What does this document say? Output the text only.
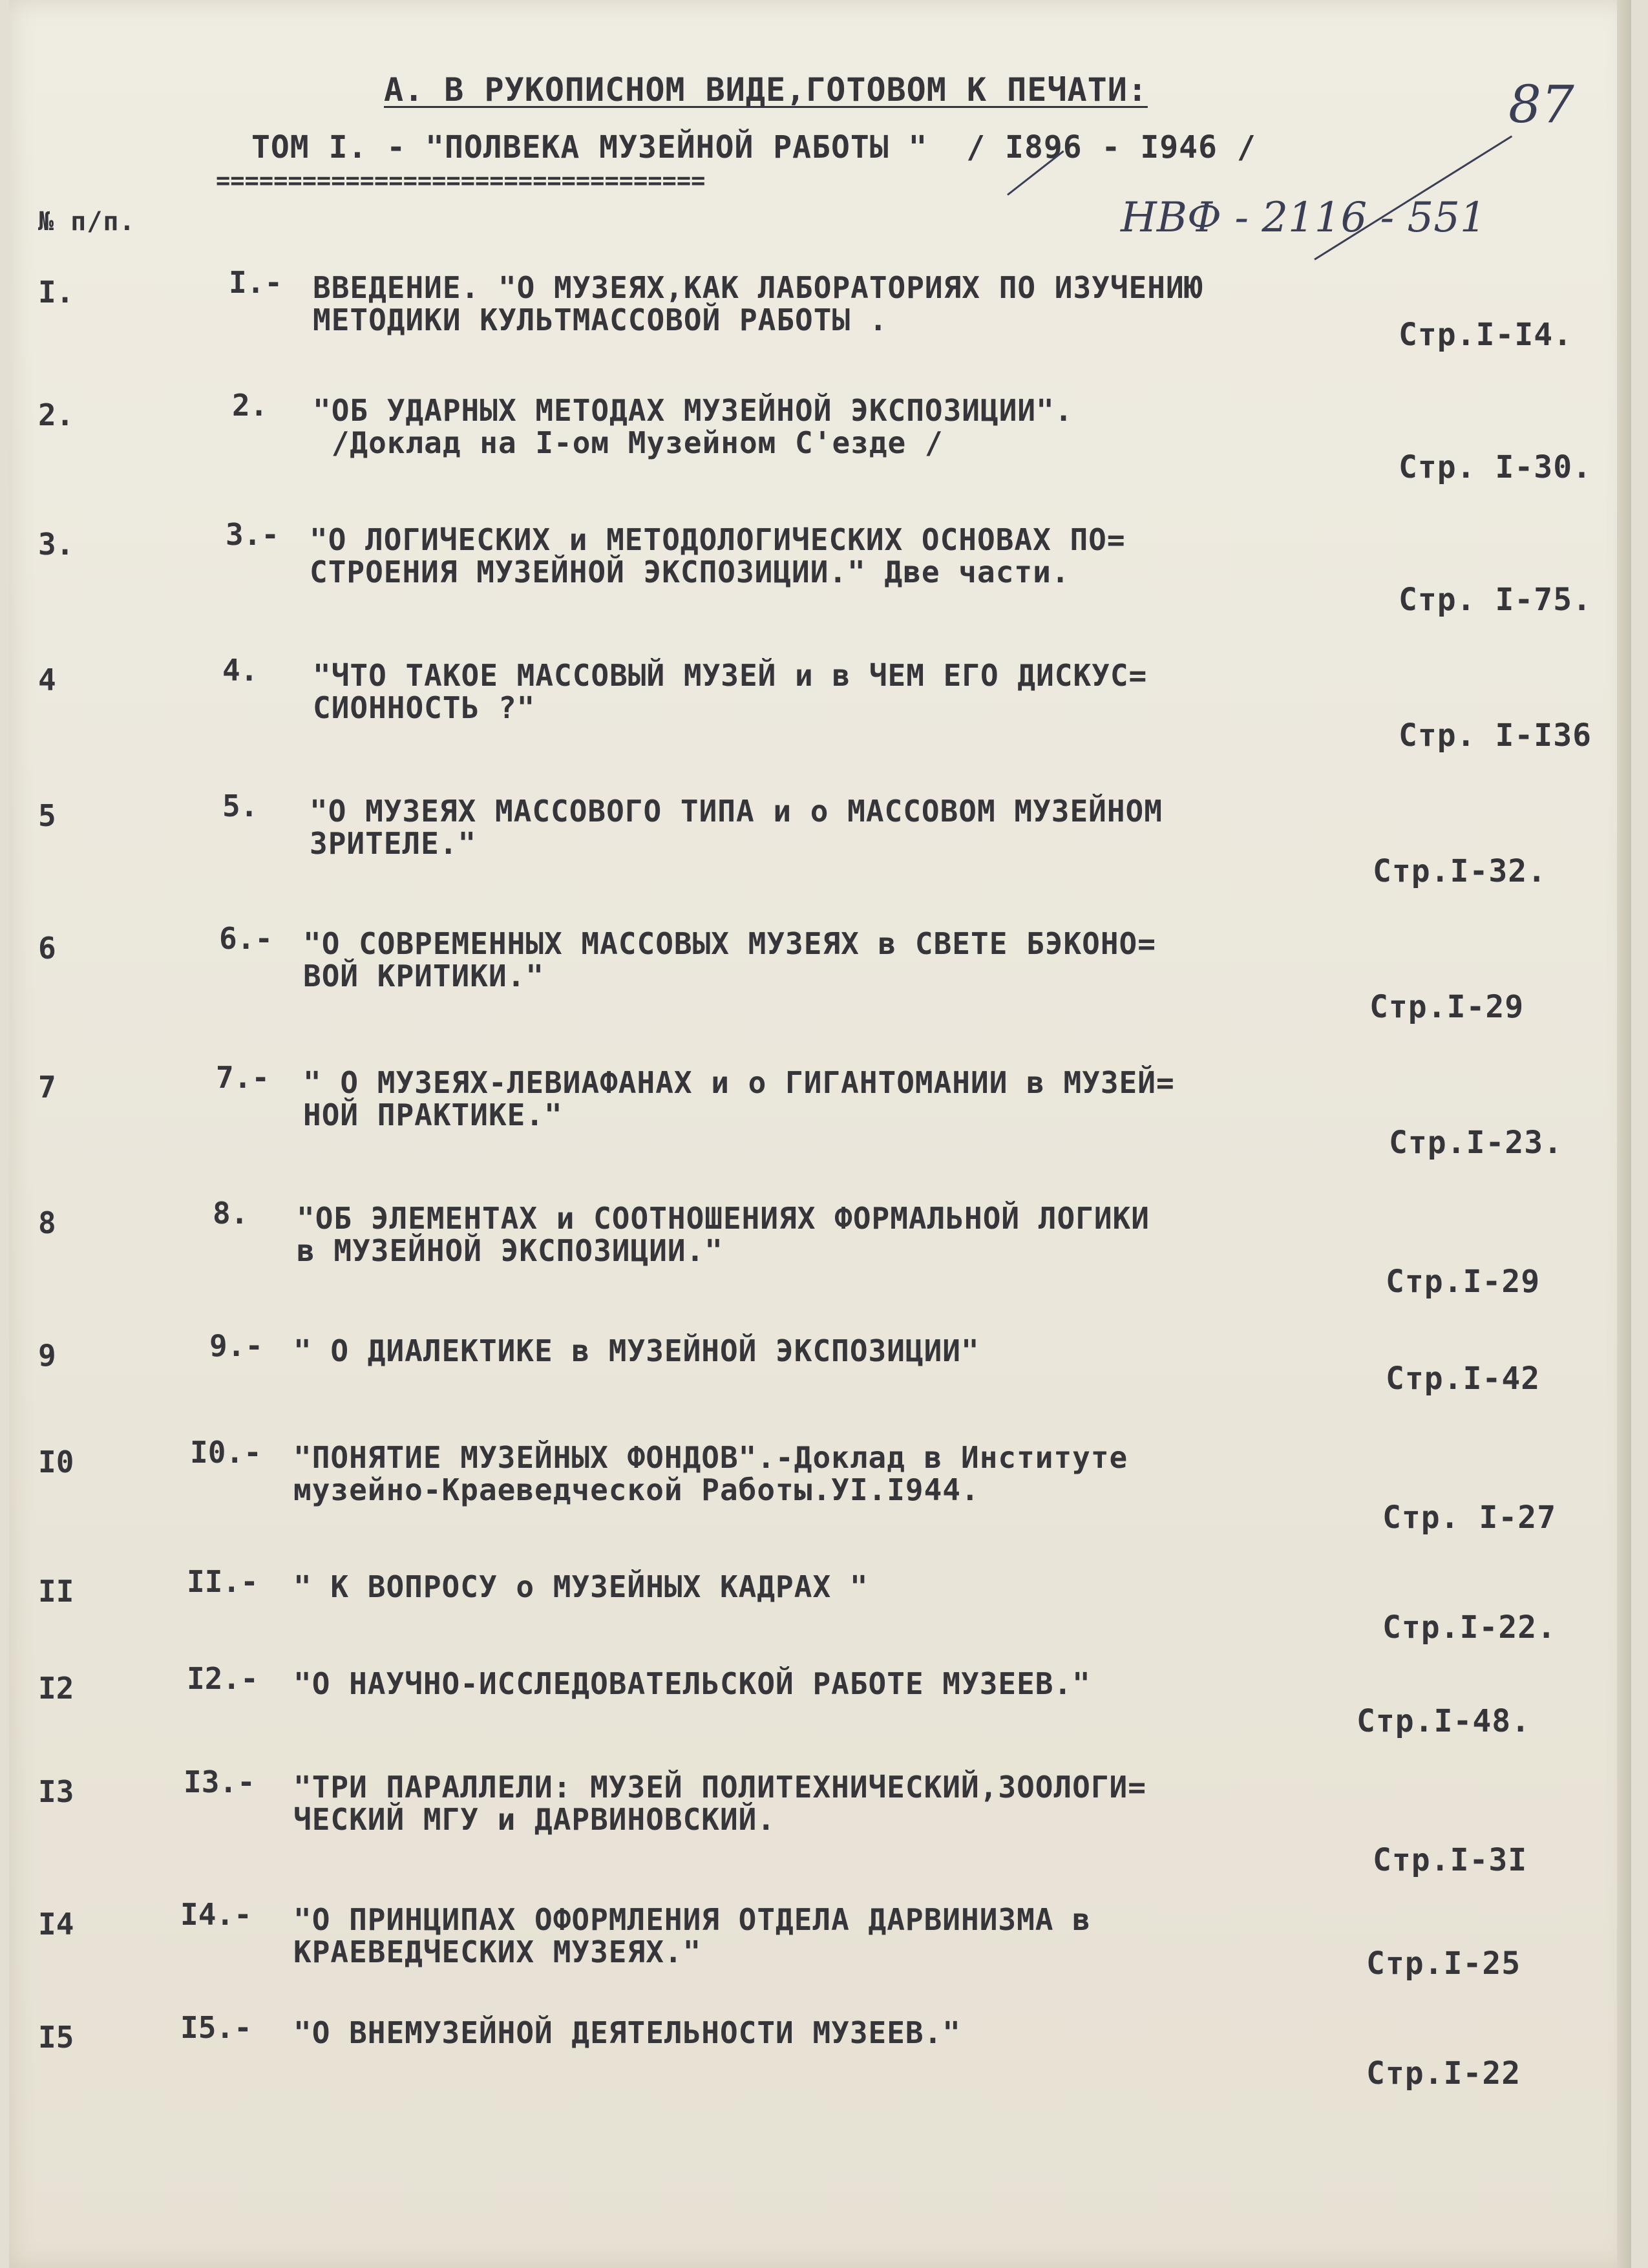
А. В РУКОПИСНОМ ВИДЕ,ГОТОВОМ К ПЕЧАТИ:
ТОМ I. - "ПОЛВЕКА МУЗЕЙНОЙ РАБОТЫ "  / I896 - I946 /
==================================
87
НВФ - 2116 - 551
№ п/п.
I.	I.- ВВЕДЕНИЕ. "О МУЗЕЯХ,КАК ЛАБОРАТОРИЯХ ПО ИЗУЧЕНИЮ
МЕТОДИКИ КУЛЬТМАССОВОЙ РАБОТЫ .	Стр.I-I4.
2.	2. "ОБ УДАРНЫХ МЕТОДАХ МУЗЕЙНОЙ ЭКСПОЗИЦИИ".
/Доклад на I-ом Музейном С'езде /
Стр. I-30.
3.	3.- "О ЛОГИЧЕСКИХ и МЕТОДОЛОГИЧЕСКИХ ОСНОВАХ ПО=
СТРОЕНИЯ МУЗЕЙНОЙ ЭКСПОЗИЦИИ." Две части.
Стр. I-75.
4	4. "ЧТО ТАКОЕ МАССОВЫЙ МУЗЕЙ и в ЧЕМ ЕГО ДИСКУС=
СИОННОСТЬ ?"
Стр. I-I36
5	5. "О МУЗЕЯХ МАССОВОГО ТИПА и о МАССОВОМ МУЗЕЙНОМ
ЗРИТЕЛЕ."
Стр.I-32.
6	6.- "О СОВРЕМЕННЫХ МАССОВЫХ МУЗЕЯХ в СВЕТЕ БЭКОНО=
ВОЙ КРИТИКИ."
Стр.I-29
7	7.- " О МУЗЕЯХ-ЛЕВИАФАНАХ и о ГИГАНТОМАНИИ в МУЗЕЙ=
НОЙ ПРАКТИКЕ."
Стр.I-23.
8	8. "ОБ ЭЛЕМЕНТАХ и СООТНОШЕНИЯХ ФОРМАЛЬНОЙ ЛОГИКИ
в МУЗЕЙНОЙ ЭКСПОЗИЦИИ."
Стр.I-29
9	9.- " О ДИАЛЕКТИКЕ в МУЗЕЙНОЙ ЭКСПОЗИЦИИ"
Стр.I-42
I0	I0.- "ПОНЯТИЕ МУЗЕЙНЫХ ФОНДОВ".-Доклад в Институте
музейно-Краеведческой Работы.УI.I944.
Стр. I-27
II	II.- " К ВОПРОСУ о МУЗЕЙНЫХ КАДРАХ "
Стр.I-22.
I2	I2.- "О НАУЧНО-ИССЛЕДОВАТЕЛЬСКОЙ РАБОТЕ МУЗЕЕВ."
Стр.I-48.
I3	I3.- "ТРИ ПАРАЛЛЕЛИ: МУЗЕЙ ПОЛИТЕХНИЧЕСКИЙ,ЗООЛОГИ=
ЧЕСКИЙ МГУ и ДАРВИНОВСКИЙ.
Стр.I-3I
I4	I4.- "О ПРИНЦИПАХ ОФОРМЛЕНИЯ ОТДЕЛА ДАРВИНИЗМА в
КРАЕВЕДЧЕСКИХ МУЗЕЯХ."	Стр.I-25
I5	I5.- "О ВНЕМУЗЕЙНОЙ ДЕЯТЕЛЬНОСТИ МУЗЕЕВ."
Стр.I-22
